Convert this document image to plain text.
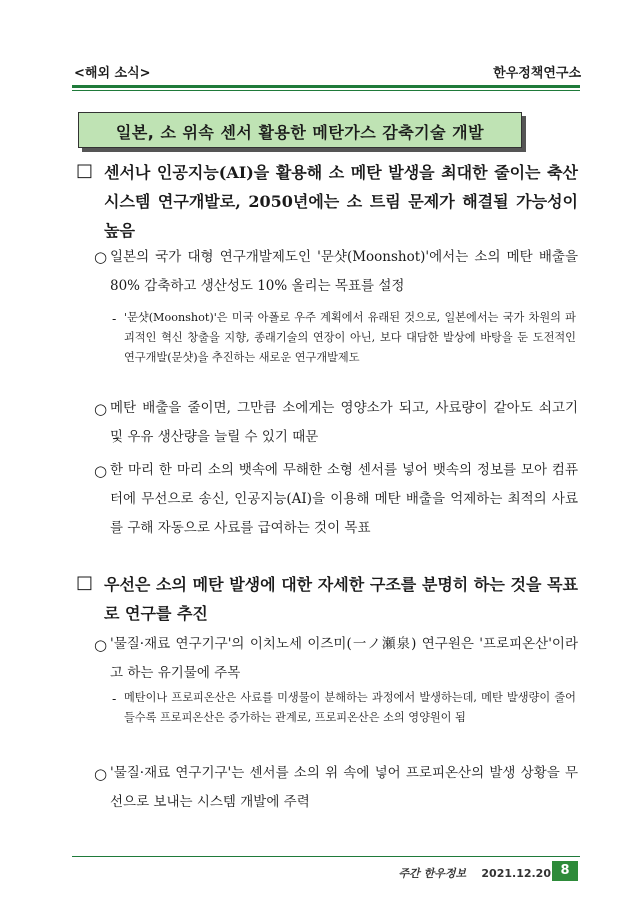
<해외 소식>	한우정책연구소
일본, 소 위속 센서 활용한 메탄가스 감축기술 개발
□ 센서나 인공지능(AI)을 활용해 소 메탄 발생을 최대한 줄이는 축산시스템 연구개발로, 2050년에는 소 트림 문제가 해결될 가능성이 높음
○ 일본의 국가 대형 연구개발제도인 '문샷(Moonshot)'에서는 소의 메탄 배출을 80% 감축하고 생산성도 10% 올리는 목표를 설정
- '문샷(Moonshot)'은 미국 아폴로 우주 계획에서 유래된 것으로, 일본에서는 국가 차원의 파괴적인 혁신 창출을 지향, 종래기술의 연장이 아닌, 보다 대담한 발상에 바탕을 둔 도전적인 연구개발(문샷)을 추진하는 새로운 연구개발제도
○ 메탄 배출을 줄이면, 그만큼 소에게는 영양소가 되고, 사료량이 같아도 쇠고기 및 우유 생산량을 늘릴 수 있기 때문
○ 한 마리 한 마리 소의 뱃속에 무해한 소형 센서를 넣어 뱃속의 정보를 모아 컴퓨터에 무선으로 송신, 인공지능(AI)을 이용해 메탄 배출을 억제하는 최적의 사료를 구해 자동으로 사료를 급여하는 것이 목표
□ 우선은 소의 메탄 발생에 대한 자세한 구조를 분명히 하는 것을 목표로 연구를 추진
○ '물질·재료 연구기구'의 이치노세 이즈미(一ノ瀬泉) 연구원은 '프로피온산'이라고 하는 유기물에 주목
- 메탄이나 프로피온산은 사료를 미생물이 분해하는 과정에서 발생하는데, 메탄 발생량이 줄어들수록 프로피온산은 증가하는 관계로, 프로피온산은 소의 영양원이 됨
○ '물질·재료 연구기구'는 센서를 소의 위 속에 넣어 프로피온산의 발생 상황을 무선으로 보내는 시스템 개발에 주력
주간 한우정보 2021.12.20 8
